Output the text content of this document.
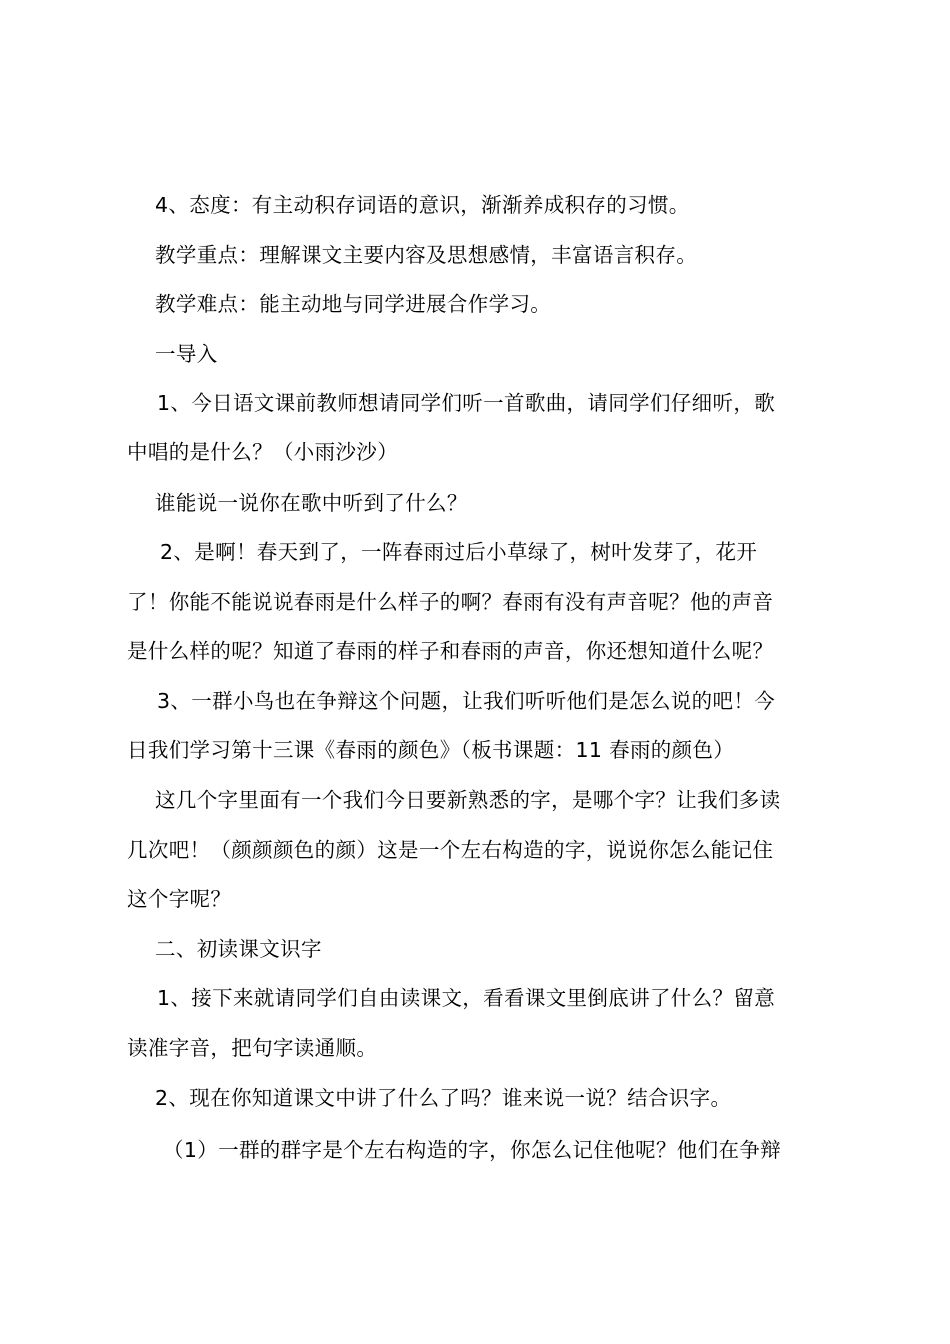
4、态度：有主动积存词语的意识，渐渐养成积存的习惯。
教学重点：理解课文主要内容及思想感情，丰富语言积存。
教学难点：能主动地与同学进展合作学习。
一导入
1、今日语文课前教师想请同学们听一首歌曲，请同学们仔细听，歌
中唱的是什么？（小雨沙沙）
谁能说一说你在歌中听到了什么？
2、是啊！春天到了，一阵春雨过后小草绿了，树叶发芽了，花开
了！你能不能说说春雨是什么样子的啊？春雨有没有声音呢？他的声音
是什么样的呢？知道了春雨的样子和春雨的声音，你还想知道什么呢？
3、一群小鸟也在争辩这个问题，让我们听听他们是怎么说的吧！今
日我们学习第十三课《春雨的颜色》（板书课题：11 春雨的颜色）
这几个字里面有一个我们今日要新熟悉的字，是哪个字？让我们多读
几次吧！（颜颜颜色的颜）这是一个左右构造的字，说说你怎么能记住
这个字呢？
二、初读课文识字
1、接下来就请同学们自由读课文，看看课文里倒底讲了什么？留意
读准字音，把句字读通顺。
2、现在你知道课文中讲了什么了吗？谁来说一说？结合识字。
（1）一群的群字是个左右构造的字，你怎么记住他呢？他们在争辩
